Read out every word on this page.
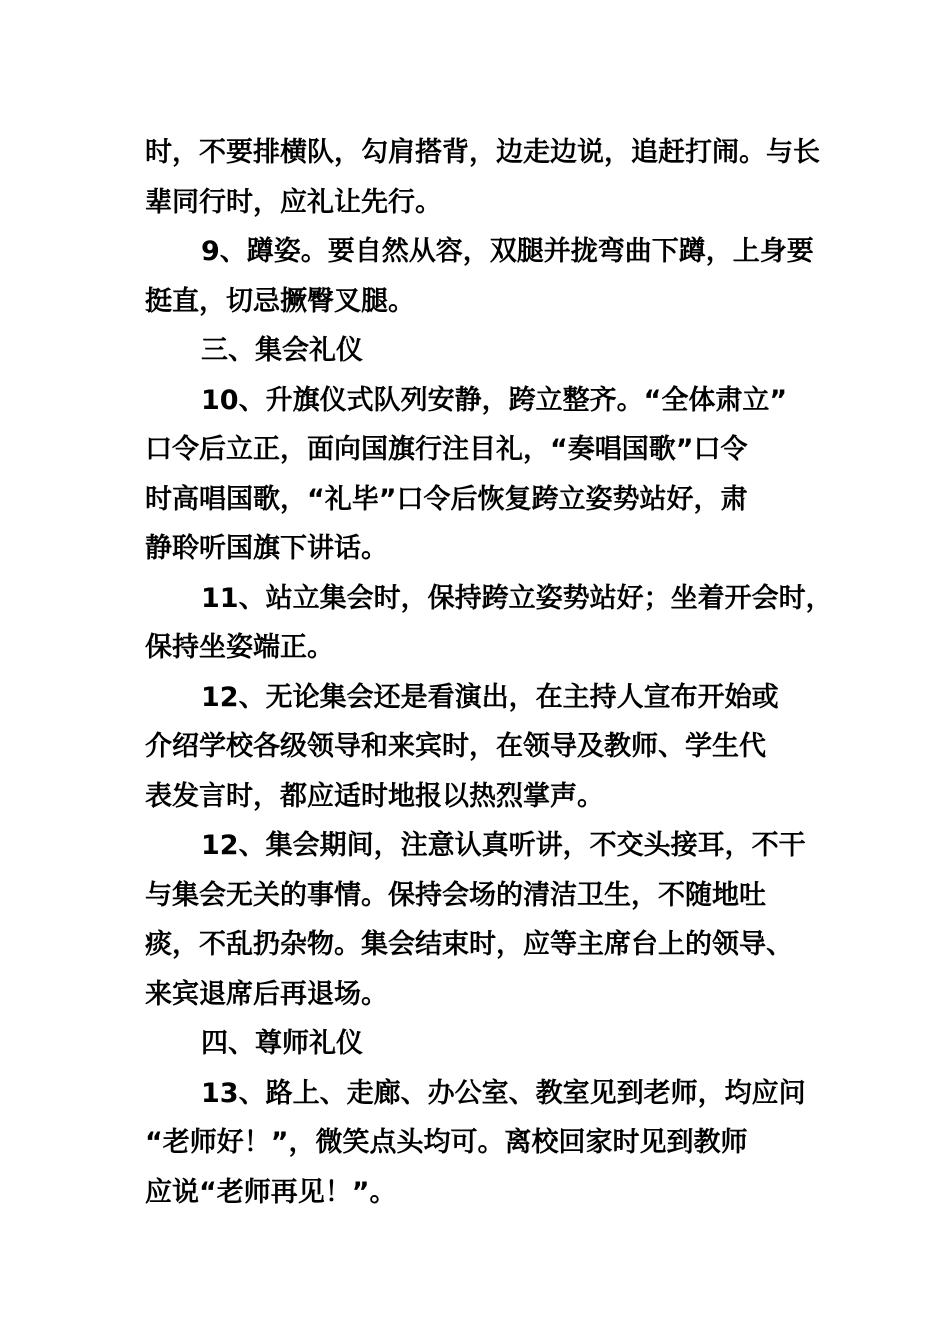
时，不要排横队，勾肩搭背，边走边说，追赶打闹。与长

辈同行时，应礼让先行。

9、蹲姿。要自然从容，双腿并拢弯曲下蹲，上身要

挺直，切忌撅臀叉腿。

三、集会礼仪

10、升旗仪式队列安静，跨立整齐。“全体肃立”

口令后立正，面向国旗行注目礼，“奏唱国歌”口令

时高唱国歌，“礼毕”口令后恢复跨立姿势站好，肃

静聆听国旗下讲话。

11、站立集会时，保持跨立姿势站好；坐着开会时，

保持坐姿端正。

12、无论集会还是看演出，在主持人宣布开始或

介绍学校各级领导和来宾时，在领导及教师、学生代

表发言时，都应适时地报以热烈掌声。

12、集会期间，注意认真听讲，不交头接耳，不干

与集会无关的事情。保持会场的清洁卫生，不随地吐

痰，不乱扔杂物。集会结束时，应等主席台上的领导、

来宾退席后再退场。

四、尊师礼仪

13、路上、走廊、办公室、教室见到老师，均应问

“老师好！”，微笑点头均可。离校回家时见到教师

应说“老师再见！”。
